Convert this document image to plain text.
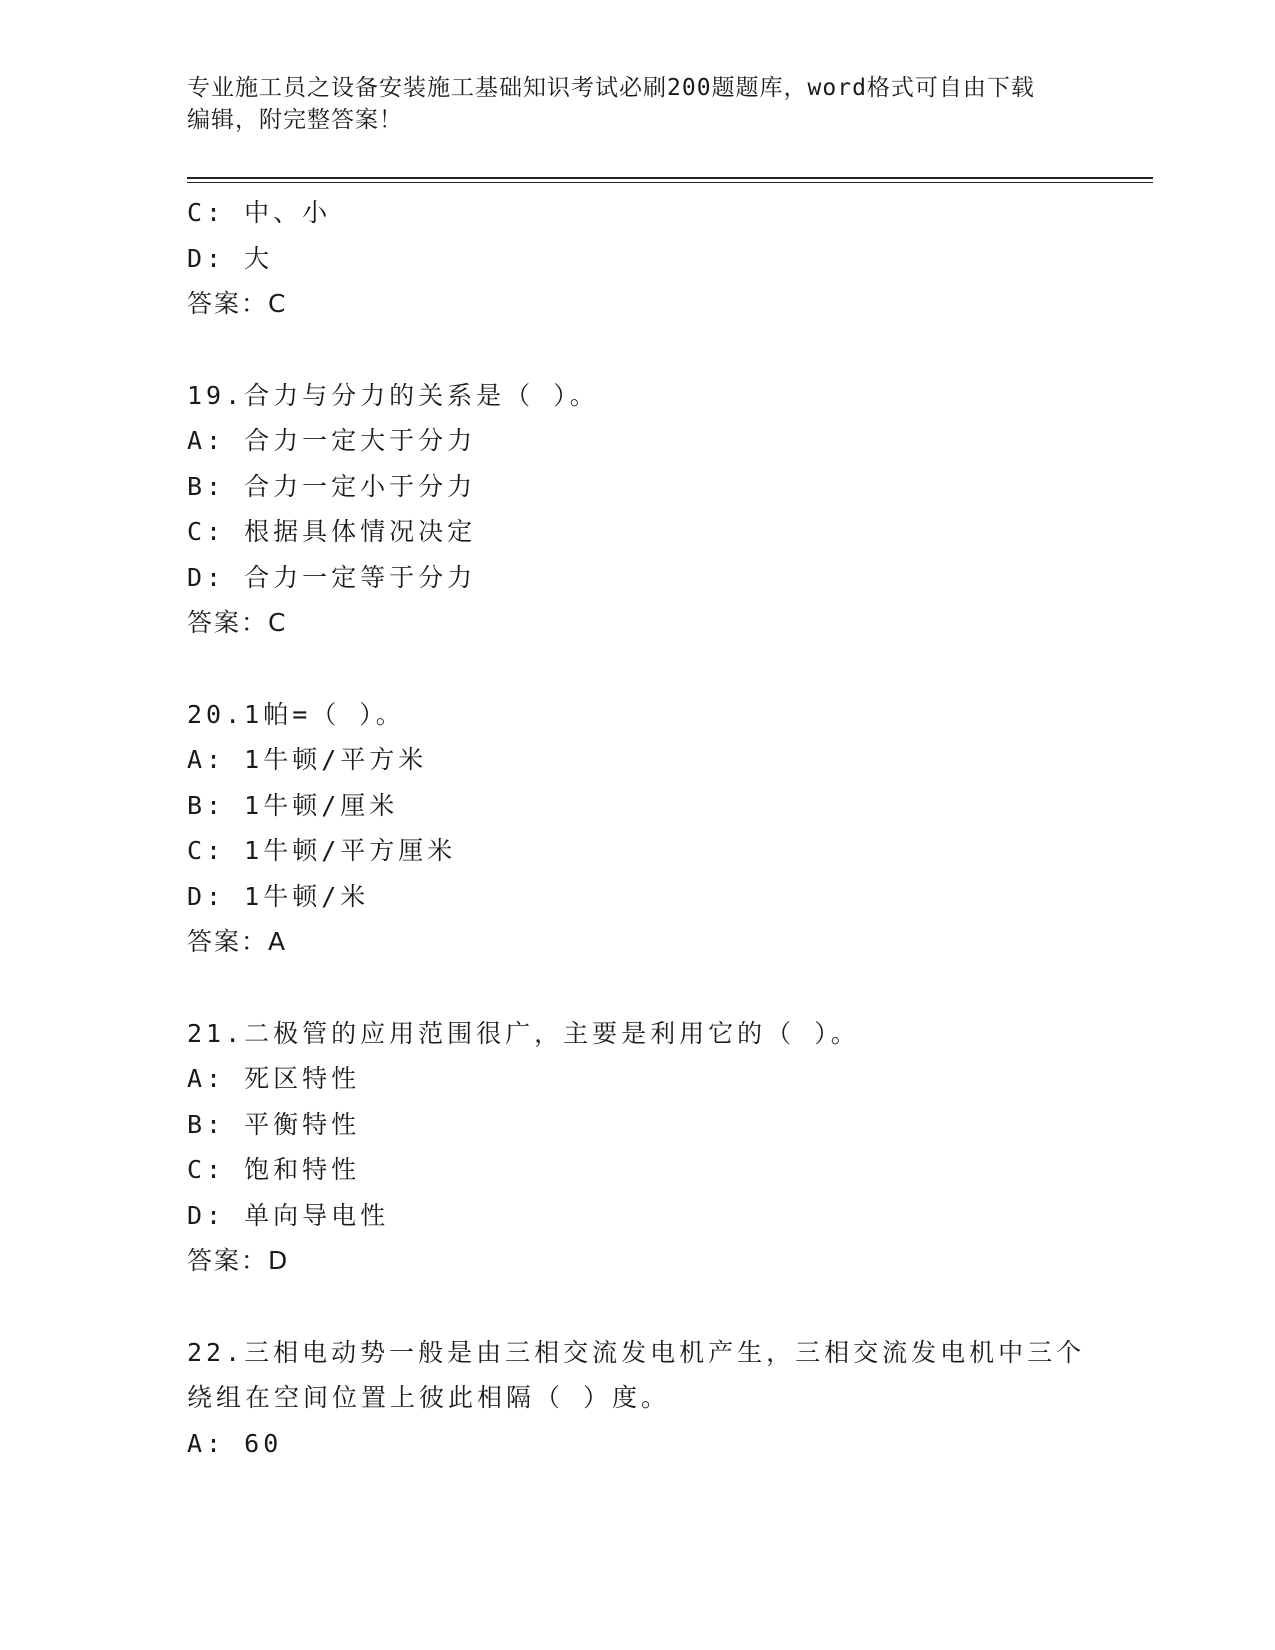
专业施工员之设备安装施工基础知识考试必刷200题题库，word格式可自由下载
编辑，附完整答案！
C: 中、小
D: 大
答案：C
19.合力与分力的关系是（ ）。
A: 合力一定大于分力
B: 合力一定小于分力
C: 根据具体情况决定
D: 合力一定等于分力
答案：C
20.1帕=（ ）。
A: 1牛顿/平方米
B: 1牛顿/厘米
C: 1牛顿/平方厘米
D: 1牛顿/米
答案：A
21.二极管的应用范围很广，主要是利用它的（ ）。
A: 死区特性
B: 平衡特性
C: 饱和特性
D: 单向导电性
答案：D
22.三相电动势一般是由三相交流发电机产生，三相交流发电机中三个
绕组在空间位置上彼此相隔（ ）度。
A: 60
